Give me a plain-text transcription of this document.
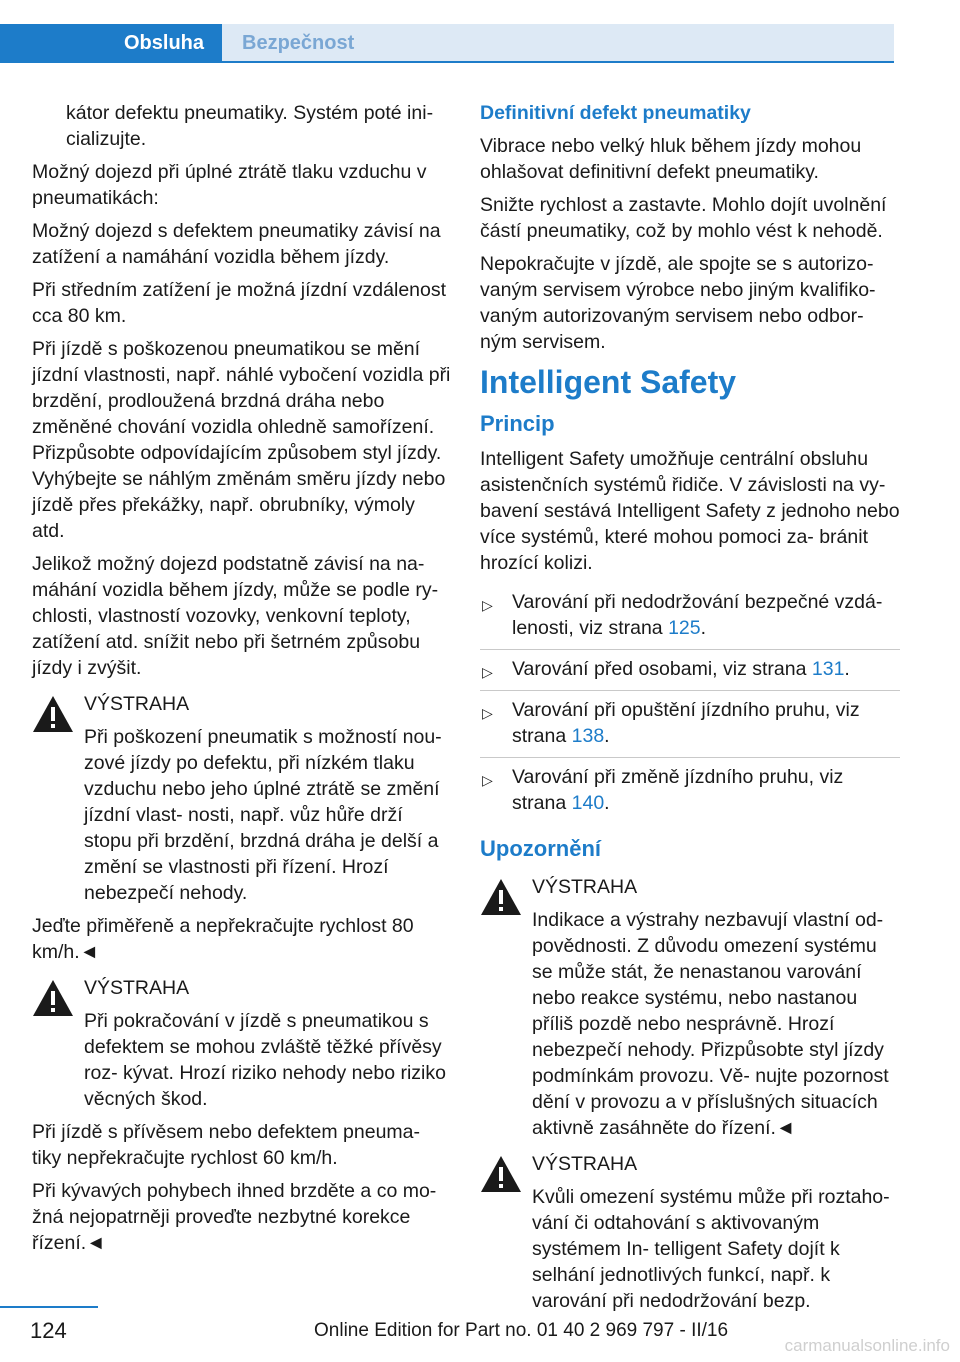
Obsluha	Bezpečnost

kátor defektu pneumatiky. Systém poté ini- cializujte.

Možný dojezd při úplné ztrátě tlaku vzduchu v pneumatikách:

Možný dojezd s defektem pneumatiky závisí na zatížení a namáhání vozidla během jízdy.

Při středním zatížení je možná jízdní vzdálenost cca 80 km.

Při jízdě s poškozenou pneumatikou se mění jízdní vlastnosti, např. náhlé vybočení vozidla při brzdění, prodloužená brzdná dráha nebo změněné chování vozidla ohledně samořízení. Přizpůsobte odpovídajícím způsobem styl jízdy. Vyhýbejte se náhlým změnám směru jízdy nebo jízdě přes překážky, např. obrubníky, výmoly atd.

Jelikož možný dojezd podstatně závisí na na- máhání vozidla během jízdy, může se podle ry- chlosti, vlastností vozovky, venkovní teploty, zatížení atd. snížit nebo při šetrném způsobu jízdy i zvýšit.

VÝSTRAHA

Při poškození pneumatik s možností nou- zové jízdy po defektu, při nízkém tlaku vzduchu nebo jeho úplné ztrátě se změní jízdní vlast- nosti, např. vůz hůře drží stopu při brzdění, brzdná dráha je delší a změní se vlastnosti při řízení. Hrozí nebezpečí nehody.

Jeďte přiměřeně a nepřekračujte rychlost 80 km/h.◄

VÝSTRAHA

Při pokračování v jízdě s pneumatikou s defektem se mohou zvláště těžké přívěsy roz- kývat. Hrozí riziko nehody nebo riziko věcných škod.

Při jízdě s přívěsem nebo defektem pneuma- tiky nepřekračujte rychlost 60 km/h.

Při kývavých pohybech ihned brzděte a co mo- žná nejopatrněji proveďte nezbytné korekce řízení.◄

Definitivní defekt pneumatiky

Vibrace nebo velký hluk během jízdy mohou ohlašovat definitivní defekt pneumatiky.

Snižte rychlost a zastavte. Mohlo dojít uvolnění částí pneumatiky, což by mohlo vést k nehodě.

Nepokračujte v jízdě, ale spojte se s autorizo- vaným servisem výrobce nebo jiným kvalifiko- vaným autorizovaným servisem nebo odbor- ným servisem.

Intelligent Safety

Princip

Intelligent Safety umožňuje centrální obsluhu asistenčních systémů řidiče. V závislosti na vy- bavení sestává Intelligent Safety z jednoho nebo více systémů, které mohou pomoci za- bránit hrozící kolizi.

▷ Varování při nedodržování bezpečné vzdá- lenosti, viz strana 125.
▷ Varování před osobami, viz strana 131.
▷ Varování při opuštění jízdního pruhu, viz strana 138.
▷ Varování při změně jízdního pruhu, viz strana 140.

Upozornění

VÝSTRAHA

Indikace a výstrahy nezbavují vlastní od- povědnosti. Z důvodu omezení systému se může stát, že nenastanou varování nebo reakce systému, nebo nastanou příliš pozdě nebo nesprávně. Hrozí nebezpečí nehody. Přizpůsobte styl jízdy podmínkám provozu. Vě- nujte pozornost dění v provozu a v příslušných situacích aktivně zasáhněte do řízení.◄

VÝSTRAHA

Kvůli omezení systému může při roztaho- vání či odtahování s aktivovaným systémem In- telligent Safety dojít k selhání jednotlivých funkcí, např. k varování při nedodržování bezp.

124	Online Edition for Part no. 01 40 2 969 797 - II/16
carmanualsonline.info
